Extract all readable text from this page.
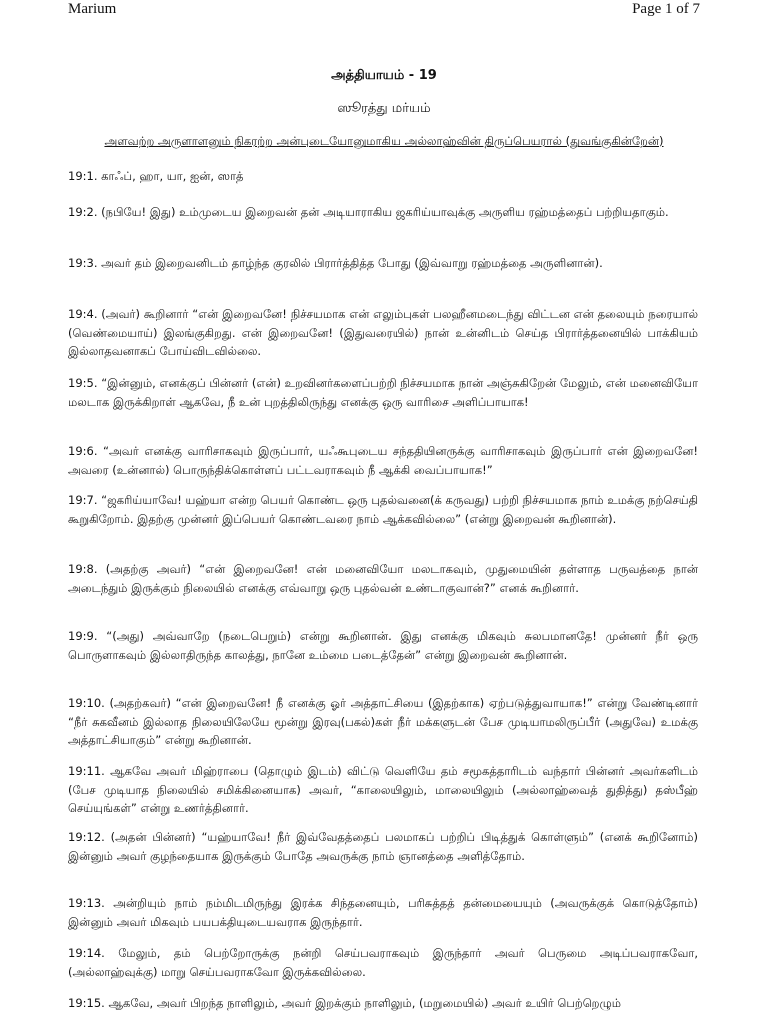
Marium	Page 1 of 7
அத்தியாயம் - 19
ஸூரத்து மர்யம்
அளவற்ற அருளாளனும் நிகரற்ற அன்புடையோனுமாகிய அல்லாஹ்வின் திருப்பெயரால் (துவங்குகின்றேன்)
19:1. காஃப், ஹா, யா, ஐன், ஸாத்
19:2. (நபியே! இது) உம்முடைய இறைவன் தன் அடியாராகிய ஜகரிய்யாவுக்கு அருளிய ரஹ்மத்தைப் பற்றியதாகும்.
19:3. அவர் தம் இறைவனிடம் தாழ்ந்த குரலில் பிரார்த்தித்த போது (இவ்வாறு ரஹ்மத்தை அருளினான்).
19:4. (அவர்) கூறினார் “என் இறைவனே! நிச்சயமாக என் எலும்புகள் பலஹீனமடைந்து விட்டன என் தலையும் நரையால் (வெண்மையாய்) இலங்குகிறது. என் இறைவனே! (இதுவரையில்) நான் உன்னிடம் செய்த பிரார்த்தனையில் பாக்கியம் இல்லாதவனாகப் போய்விடவில்லை.
19:5. “இன்னும், எனக்குப் பின்னர் (என்) உறவினர்களைப்பற்றி நிச்சயமாக நான் அஞ்சுகிறேன் மேலும், என் மனைவியோ மலடாக இருக்கிறாள் ஆகவே, நீ உன் புறத்திலிருந்து எனக்கு ஒரு வாரிசை அளிப்பாயாக!
19:6. “அவர் எனக்கு வாரிசாகவும் இருப்பார், யஃகூபுடைய சந்ததியினருக்கு வாரிசாகவும் இருப்பார் என் இறைவனே! அவரை (உன்னால்) பொருந்திக்கொள்ளப் பட்டவராகவும் நீ ஆக்கி வைப்பாயாக!”
19:7. “ஜகரிய்யாவே! யஹ்யா என்ற பெயர் கொண்ட ஒரு புதல்வனை(க் கருவது) பற்றி நிச்சயமாக நாம் உமக்கு நற்செய்தி கூறுகிறோம். இதற்கு முன்னர் இப்பெயர் கொண்டவரை நாம் ஆக்கவில்லை” (என்று இறைவன் கூறினான்).
19:8. (அதற்கு அவர்) “என் இறைவனே! என் மனைவியோ மலடாகவும், முதுமையின் தள்ளாத பருவத்தை நான் அடைந்தும் இருக்கும் நிலையில் எனக்கு எவ்வாறு ஒரு புதல்வன் உண்டாகுவான்?” எனக் கூறினார்.
19:9. “(அது) அவ்வாறே (நடைபெறும்) என்று கூறினான். இது எனக்கு மிகவும் சுலபமானதே! முன்னர் நீர் ஒரு பொருளாகவும் இல்லாதிருந்த காலத்து, நானே உம்மை படைத்தேன்” என்று இறைவன் கூறினான்.
19:10. (அதற்கவர்) “என் இறைவனே! நீ எனக்கு ஓர் அத்தாட்சியை (இதற்காக) ஏற்படுத்துவாயாக!” என்று வேண்டினார் “நீர் சுகவீனம் இல்லாத நிலையிலேயே மூன்று இரவு(பகல்)கள் நீர் மக்களுடன் பேச முடியாமலிருப்பீர் (அதுவே) உமக்கு அத்தாட்சியாகும்” என்று கூறினான்.
19:11. ஆகவே அவர் மிஹ்ராபை (தொழும் இடம்) விட்டு வெளியே தம் சமூகத்தாரிடம் வந்தார் பின்னர் அவர்களிடம் (பேச முடியாத நிலையில் சமிக்கினையாக) அவர், “காலையிலும், மாலையிலும் (அல்லாஹ்வைத் துதித்து) தஸ்பீஹ் செய்யுங்கள்” என்று உணர்த்தினார்.
19:12. (அதன் பின்னர்) “யஹ்யாவே! நீர் இவ்வேதத்தைப் பலமாகப் பற்றிப் பிடித்துக் கொள்ளும்” (எனக் கூறினோம்) இன்னும் அவர் குழந்தையாக இருக்கும் போதே அவருக்கு நாம் ஞானத்தை அளித்தோம்.
19:13. அன்றியும் நாம் நம்மிடமிருந்து இரக்க சிந்தனையும், பரிசுத்தத் தன்மையையும் (அவருக்குக் கொடுத்தோம்) இன்னும் அவர் மிகவும் பயபக்தியுடையவராக இருந்தார்.
19:14. மேலும், தம் பெற்றோருக்கு நன்றி செய்பவராகவும் இருந்தார் அவர் பெருமை அடிப்பவராகவோ, (அல்லாஹ்வுக்கு) மாறு செய்பவராகவோ இருக்கவில்லை.
19:15. ஆகவே, அவர் பிறந்த நாளிலும், அவர் இறக்கும் நாளிலும், (மறுமையில்) அவர் உயிர் பெற்றெழும்
